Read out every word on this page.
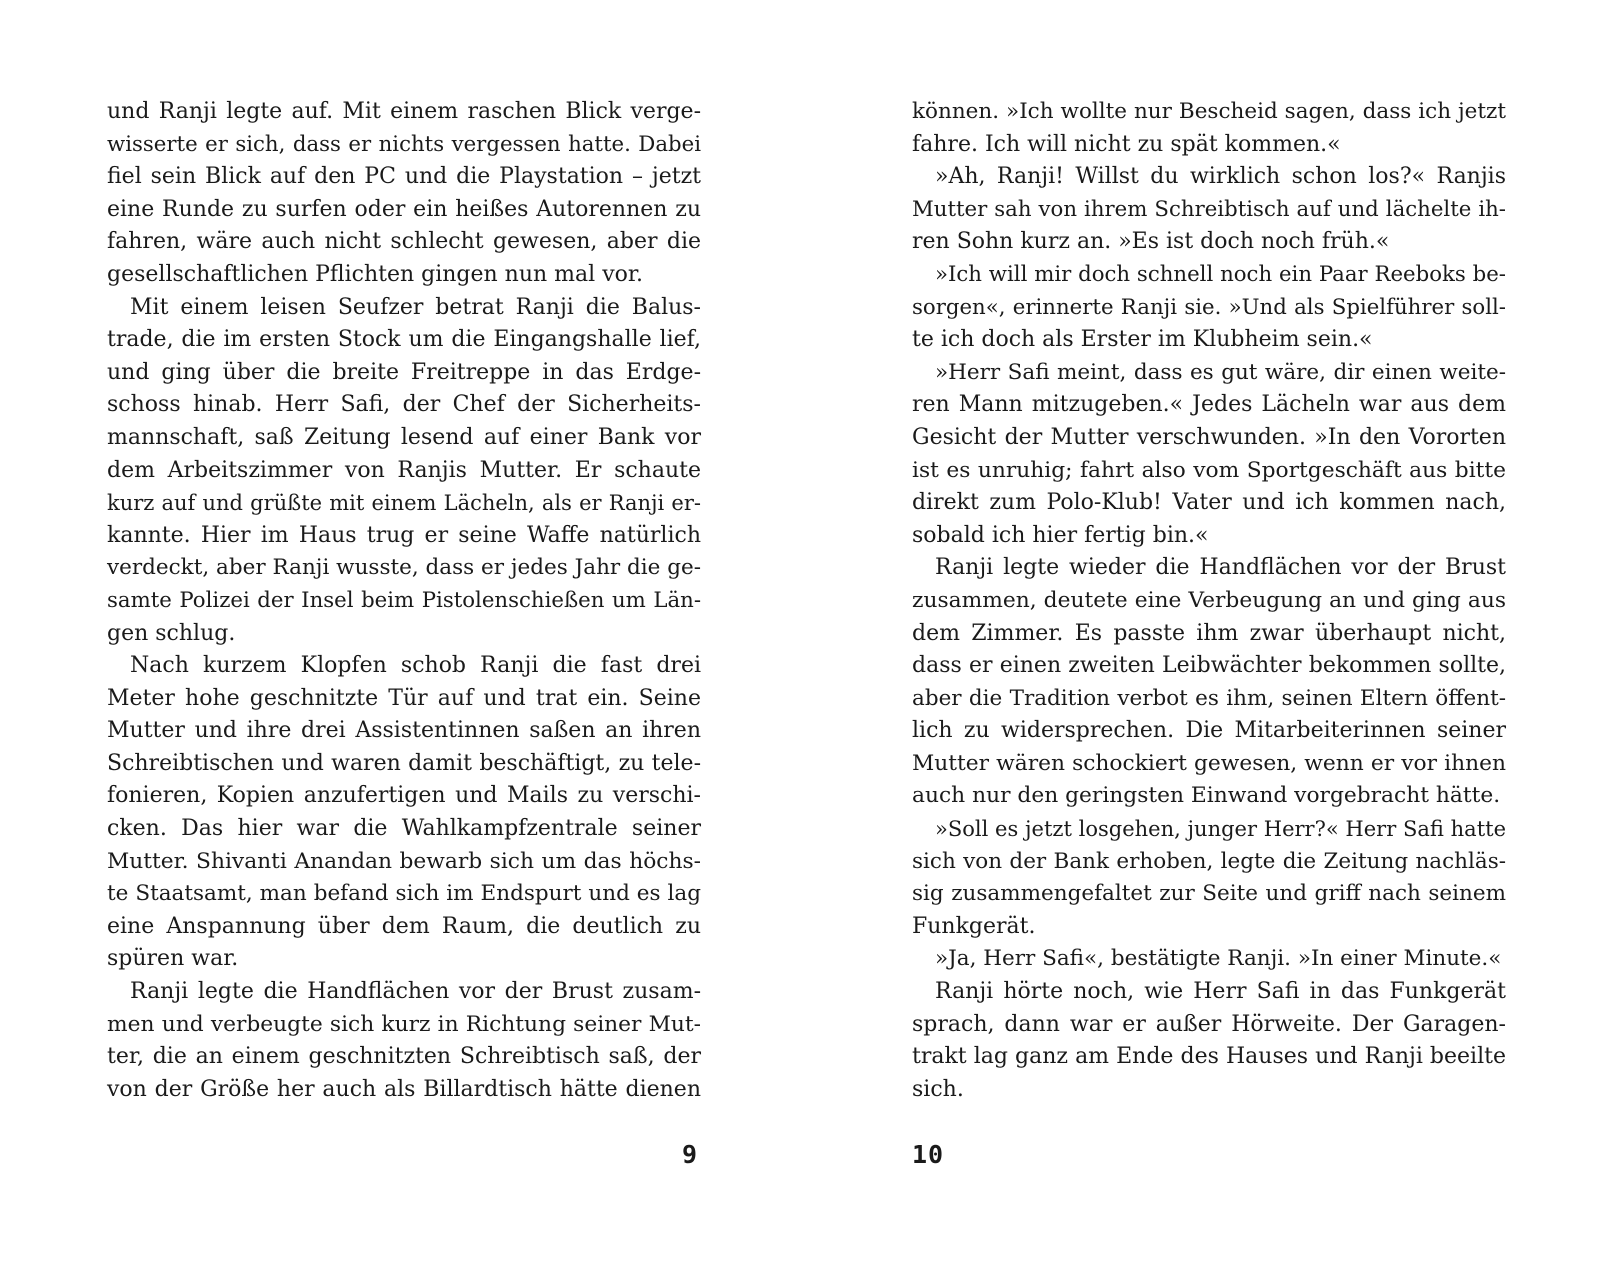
und Ranji legte auf. Mit einem raschen Blick verge-
wisserte er sich, dass er nichts vergessen hatte. Dabei
fiel sein Blick auf den PC und die Playstation – jetzt
eine Runde zu surfen oder ein heißes Autorennen zu
fahren, wäre auch nicht schlecht gewesen, aber die
gesellschaftlichen Pflichten gingen nun mal vor.
Mit einem leisen Seufzer betrat Ranji die Balus-
trade, die im ersten Stock um die Eingangshalle lief,
und ging über die breite Freitreppe in das Erdge-
schoss hinab. Herr Safi, der Chef der Sicherheits-
mannschaft, saß Zeitung lesend auf einer Bank vor
dem Arbeitszimmer von Ranjis Mutter. Er schaute
kurz auf und grüßte mit einem Lächeln, als er Ranji er-
kannte. Hier im Haus trug er seine Waffe natürlich
verdeckt, aber Ranji wusste, dass er jedes Jahr die ge-
samte Polizei der Insel beim Pistolenschießen um Län-
gen schlug.
Nach kurzem Klopfen schob Ranji die fast drei
Meter hohe geschnitzte Tür auf und trat ein. Seine
Mutter und ihre drei Assistentinnen saßen an ihren
Schreibtischen und waren damit beschäftigt, zu tele-
fonieren, Kopien anzufertigen und Mails zu verschi-
cken. Das hier war die Wahlkampfzentrale seiner
Mutter. Shivanti Anandan bewarb sich um das höchs-
te Staatsamt, man befand sich im Endspurt und es lag
eine Anspannung über dem Raum, die deutlich zu
spüren war.
Ranji legte die Handflächen vor der Brust zusam-
men und verbeugte sich kurz in Richtung seiner Mut-
ter, die an einem geschnitzten Schreibtisch saß, der
von der Größe her auch als Billardtisch hätte dienen
können. »Ich wollte nur Bescheid sagen, dass ich jetzt
fahre. Ich will nicht zu spät kommen.«
»Ah, Ranji! Willst du wirklich schon los?« Ranjis
Mutter sah von ihrem Schreibtisch auf und lächelte ih-
ren Sohn kurz an. »Es ist doch noch früh.«
»Ich will mir doch schnell noch ein Paar Reeboks be-
sorgen«, erinnerte Ranji sie. »Und als Spielführer soll-
te ich doch als Erster im Klubheim sein.«
»Herr Safi meint, dass es gut wäre, dir einen weite-
ren Mann mitzugeben.« Jedes Lächeln war aus dem
Gesicht der Mutter verschwunden. »In den Vororten
ist es unruhig; fahrt also vom Sportgeschäft aus bitte
direkt zum Polo-Klub! Vater und ich kommen nach,
sobald ich hier fertig bin.«
Ranji legte wieder die Handflächen vor der Brust
zusammen, deutete eine Verbeugung an und ging aus
dem Zimmer. Es passte ihm zwar überhaupt nicht,
dass er einen zweiten Leibwächter bekommen sollte,
aber die Tradition verbot es ihm, seinen Eltern öffent-
lich zu widersprechen. Die Mitarbeiterinnen seiner
Mutter wären schockiert gewesen, wenn er vor ihnen
auch nur den geringsten Einwand vorgebracht hätte.
»Soll es jetzt losgehen, junger Herr?« Herr Safi hatte
sich von der Bank erhoben, legte die Zeitung nachläs-
sig zusammengefaltet zur Seite und griff nach seinem
Funkgerät.
»Ja, Herr Safi«, bestätigte Ranji. »In einer Minute.«
Ranji hörte noch, wie Herr Safi in das Funkgerät
sprach, dann war er außer Hörweite. Der Garagen-
trakt lag ganz am Ende des Hauses und Ranji beeilte
sich.
9	10
